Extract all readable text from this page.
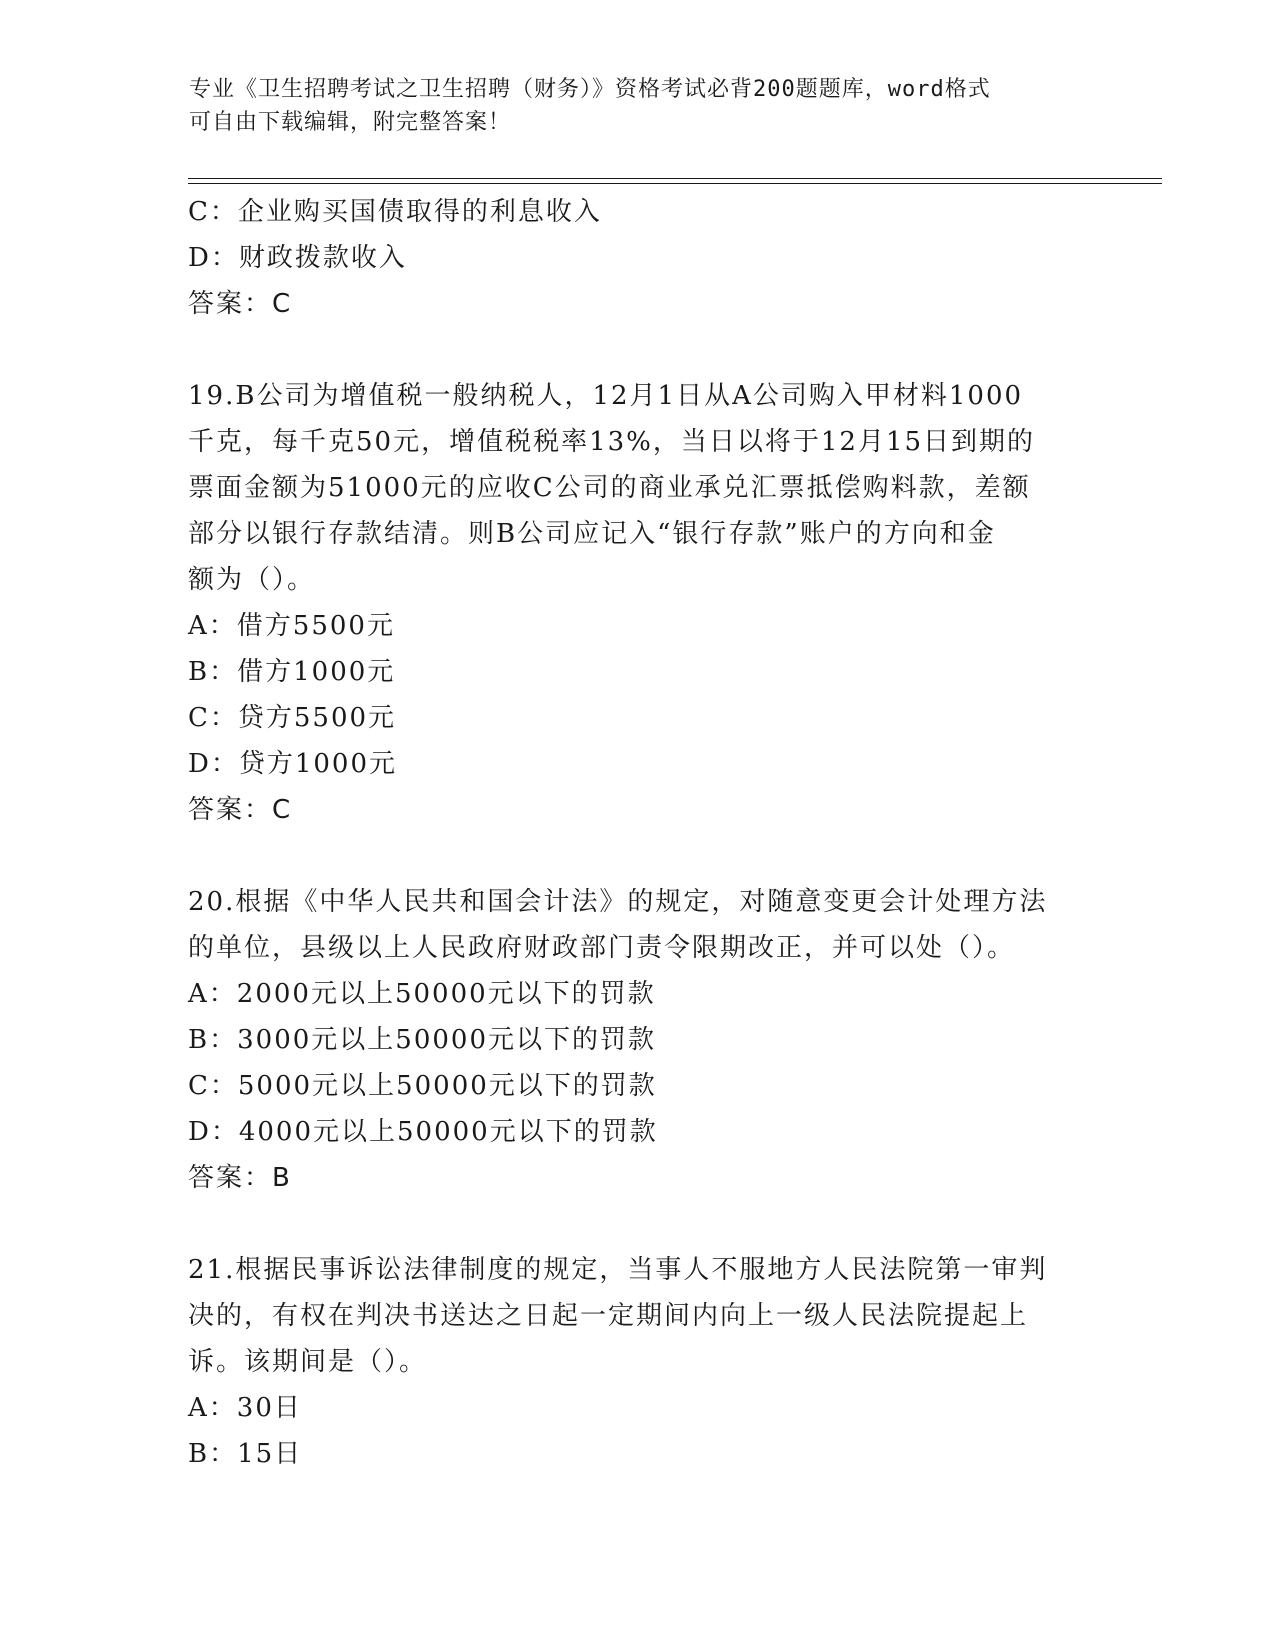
专业《卫生招聘考试之卫生招聘（财务）》资格考试必背200题题库，word格式
可自由下载编辑，附完整答案！
C：企业购买国债取得的利息收入
D：财政拨款收入
答案：C
19.B公司为增值税一般纳税人，12月1日从A公司购入甲材料1000
千克，每千克50元，增值税税率13%，当日以将于12月15日到期的
票面金额为51000元的应收C公司的商业承兑汇票抵偿购料款，差额
部分以银行存款结清。则B公司应记入“银行存款”账户的方向和金
额为（）。
A：借方5500元
B：借方1000元
C：贷方5500元
D：贷方1000元
答案：C
20.根据《中华人民共和国会计法》的规定，对随意变更会计处理方法
的单位，县级以上人民政府财政部门责令限期改正，并可以处（）。
A：2000元以上50000元以下的罚款
B：3000元以上50000元以下的罚款
C：5000元以上50000元以下的罚款
D：4000元以上50000元以下的罚款
答案：B
21.根据民事诉讼法律制度的规定，当事人不服地方人民法院第一审判
决的，有权在判决书送达之日起一定期间内向上一级人民法院提起上
诉。该期间是（）。
A：30日
B：15日
